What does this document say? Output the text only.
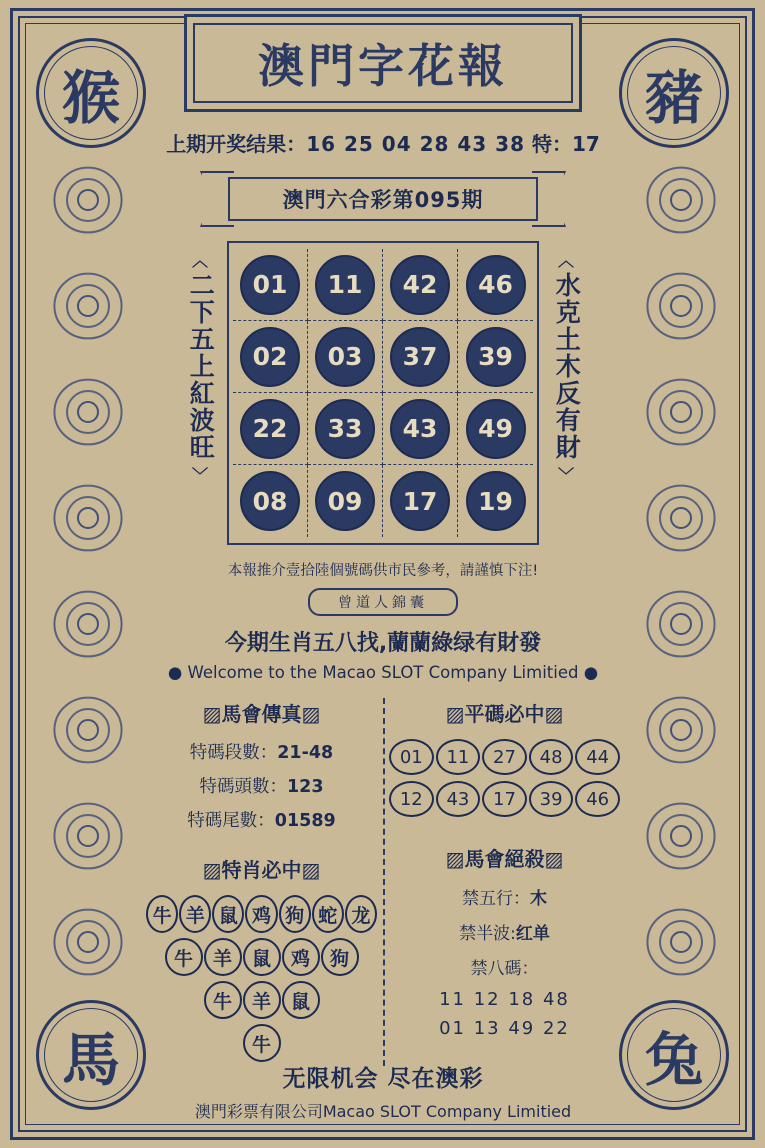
猴	豬
馬	兔
澳門字花報
上期开奖结果：16 25 04 28 43 38 特：17
澳門六合彩第095期
︿
二下五上紅波旺
﹀
01	11	42	46
02	03	37	39
22	33	43	49
08	09	17	19
︿
水克土木反有財
﹀
本報推介壹拾陸個號碼供市民參考，請謹慎下注!
曾道人錦囊
今期生肖五八找,蘭蘭綠绿有財發
● Welcome to the Macao SLOT Company Limitied ●
▨馬會傳真▨
特碼段數：21-48
特碼頭數：123
特碼尾數：01589
▨特肖必中▨
牛 羊 鼠 鸡 狗 蛇 龙
牛	羊	鼠	鸡	狗
牛	羊	鼠
牛
▨平碼必中▨
01	11	27	48	44
12	43	17	39	46
▨馬會絕殺▨
禁五行：木
禁半波:红单
禁八碼：
11 12 18 48
01 13 49 22
无限机会 尽在澳彩
澳門彩票有限公司Macao SLOT Company Limitied
